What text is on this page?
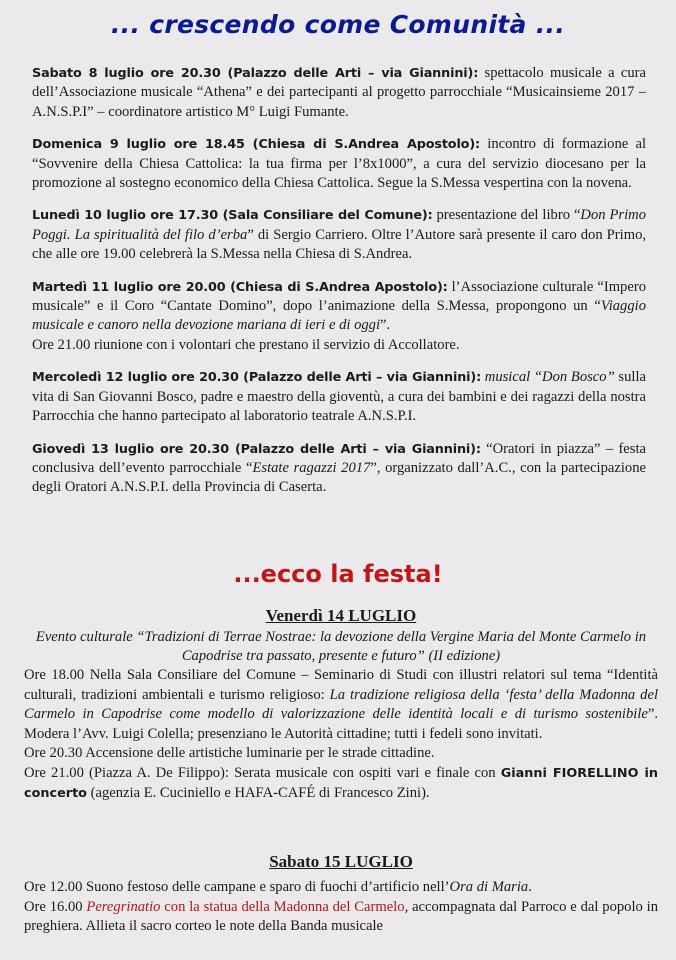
... crescendo come Comunità ...

Sabato 8 luglio ore 20.30 (Palazzo delle Arti – via Giannini): spettacolo musicale a cura dell’Associazione musicale “Athena” e dei partecipanti al progetto parrocchiale “Musicainsieme 2017 – A.N.S.P.I” – coordinatore artistico M° Luigi Fumante.

Domenica 9 luglio ore 18.45 (Chiesa di S.Andrea Apostolo): incontro di formazione al “Sovvenire della Chiesa Cattolica: la tua firma per l’8x1000”, a cura del servizio diocesano per la promozione al sostegno economico della Chiesa Cattolica. Segue la S.Messa vespertina con la novena.

Lunedì 10 luglio ore 17.30 (Sala Consiliare del Comune): presentazione del libro “Don Primo Poggi. La spiritualità del filo d’erba” di Sergio Carriero. Oltre l’Autore sarà presente il caro don Primo, che alle ore 19.00 celebrerà la S.Messa nella Chiesa di S.Andrea.

Martedì 11 luglio ore 20.00 (Chiesa di S.Andrea Apostolo): l’Associazione culturale “Impero musicale” e il Coro “Cantate Domino”, dopo l’animazione della S.Messa, propongono un “Viaggio musicale e canoro nella devozione mariana di ieri e di oggi”.
Ore 21.00 riunione con i volontari che prestano il servizio di Accollatore.

Mercoledì 12 luglio ore 20.30 (Palazzo delle Arti – via Giannini): musical “Don Bosco” sulla vita di San Giovanni Bosco, padre e maestro della gioventù, a cura dei bambini e dei ragazzi della nostra Parrocchia che hanno partecipato al laboratorio teatrale A.N.S.P.I.

Giovedì 13 luglio ore 20.30 (Palazzo delle Arti – via Giannini): “Oratori in piazza” – festa conclusiva dell’evento parrocchiale “Estate ragazzi 2017”, organizzato dall’A.C., con la partecipazione degli Oratori A.N.S.P.I. della Provincia di Caserta.

...ecco la festa!

Venerdì 14 LUGLIO

Evento culturale “Tradizioni di Terrae Nostrae: la devozione della Vergine Maria del Monte Carmelo in Capodrise tra passato, presente e futuro” (II edizione)

Ore 18.00 Nella Sala Consiliare del Comune – Seminario di Studi con illustri relatori sul tema “Identità culturali, tradizioni ambientali e turismo religioso: La tradizione religiosa della ‘festa’ della Madonna del Carmelo in Capodrise come modello di valorizzazione delle identità locali e di turismo sostenibile”. Modera l’Avv. Luigi Colella; presenziano le Autorità cittadine; tutti i fedeli sono invitati.

Ore 20.30 Accensione delle artistiche luminarie per le strade cittadine.

Ore 21.00 (Piazza A. De Filippo): Serata musicale con ospiti vari e finale con Gianni FIORELLINO in concerto (agenzia E. Cuciniello e HAFA-CAFÉ di Francesco Zini).

Sabato 15 LUGLIO

Ore 12.00 Suono festoso delle campane e sparo di fuochi d’artificio nell’Ora di Maria.

Ore 16.00 Peregrinatio con la statua della Madonna del Carmelo, accompagnata dal Parroco e dal popolo in preghiera. Allieta il sacro corteo le note della Banda musicale
